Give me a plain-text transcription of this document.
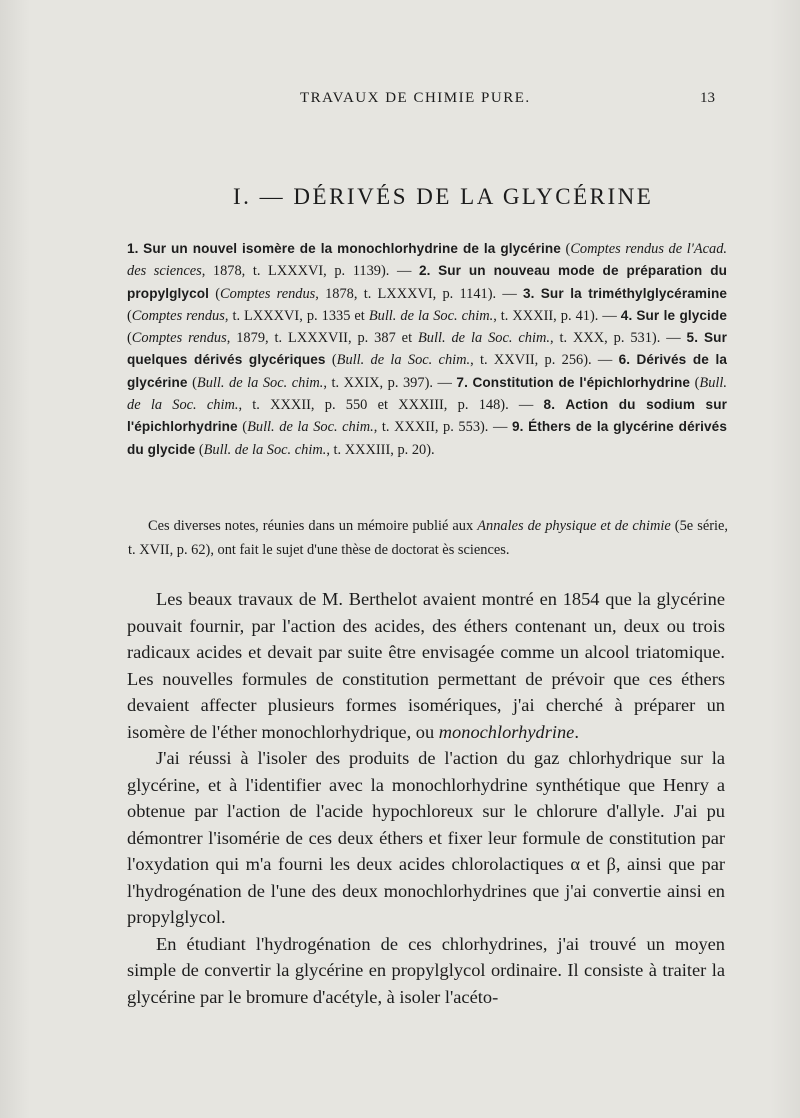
TRAVAUX DE CHIMIE PURE.	13
I. — DÉRIVÉS DE LA GLYCÉRINE
1. Sur un nouvel isomère de la monochlorhydrine de la glycérine (Comptes rendus de l'Acad. des sciences, 1878, t. LXXXVI, p. 1139). — 2. Sur un nouveau mode de préparation du propylglycol (Comptes rendus, 1878, t. LXXXVI, p. 1141). — 3. Sur la triméthylglycéramine (Comptes rendus, t. LXXXVI, p. 1335 et Bull. de la Soc. chim., t. XXXII, p. 41). — 4. Sur le glycide (Comptes rendus, 1879, t. LXXXVII, p. 387 et Bull. de la Soc. chim., t. XXX, p. 531). — 5. Sur quelques dérivés glycériques (Bull. de la Soc. chim., t. XXVII, p. 256). — 6. Dérivés de la glycérine (Bull. de la Soc. chim., t. XXIX, p. 397). — 7. Constitution de l'épichlorhydrine (Bull. de la Soc. chim., t. XXXII, p. 550 et XXXIII, p. 148). — 8. Action du sodium sur l'épichlorhydrine (Bull. de la Soc. chim., t. XXXII, p. 553). — 9. Éthers de la glycérine dérivés du glycide (Bull. de la Soc. chim., t. XXXIII, p. 20).
Ces diverses notes, réunies dans un mémoire publié aux Annales de physique et de chimie (5e série, t. XVII, p. 62), ont fait le sujet d'une thèse de doctorat ès sciences.

Les beaux travaux de M. Berthelot avaient montré en 1854 que la glycérine pouvait fournir, par l'action des acides, des éthers contenant un, deux ou trois radicaux acides et devait par suite être envisagée comme un alcool triatomique. Les nouvelles formules de constitution permettant de prévoir que ces éthers devaient affecter plusieurs formes isomériques, j'ai cherché à préparer un isomère de l'éther monochlorhydrique, ou monochlorhydrine.

J'ai réussi à l'isoler des produits de l'action du gaz chlorhydrique sur la glycérine, et à l'identifier avec la monochlorhydrine synthétique que Henry a obtenue par l'action de l'acide hypochloreux sur le chlorure d'allyle. J'ai pu démontrer l'isomérie de ces deux éthers et fixer leur formule de constitution par l'oxydation qui m'a fourni les deux acides chlorolactiques α et β, ainsi que par l'hydrogénation de l'une des deux monochlorhydrines que j'ai convertie ainsi en propylglycol.

En étudiant l'hydrogénation de ces chlorhydrines, j'ai trouvé un moyen simple de convertir la glycérine en propylglycol ordinaire. Il consiste à traiter la glycérine par le bromure d'acétyle, à isoler l'acéto-
